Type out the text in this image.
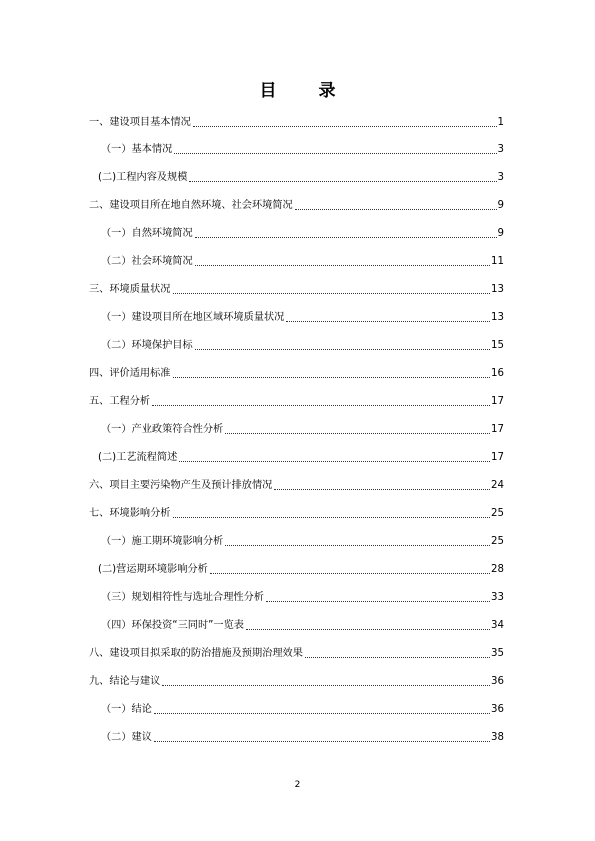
目 录
一、建设项目基本情况	1
（一）基本情况	3
(二)工程内容及规模	3
二、建设项目所在地自然环境、社会环境简况	9
（一）自然环境简况	9
（二）社会环境简况	11
三、环境质量状况	13
（一）建设项目所在地区域环境质量状况	13
（二）环境保护目标	15
四、评价适用标准	16
五、工程分析	17
（一）产业政策符合性分析	17
(二)工艺流程简述	17
六、项目主要污染物产生及预计排放情况	24
七、环境影响分析	25
（一）施工期环境影响分析	25
(二)营运期环境影响分析	28
（三）规划相符性与选址合理性分析	33
（四）环保投资“三同时”一览表	34
八、建设项目拟采取的防治措施及预期治理效果	35
九、结论与建议	36
（一）结论	36
（二）建议	38
2
